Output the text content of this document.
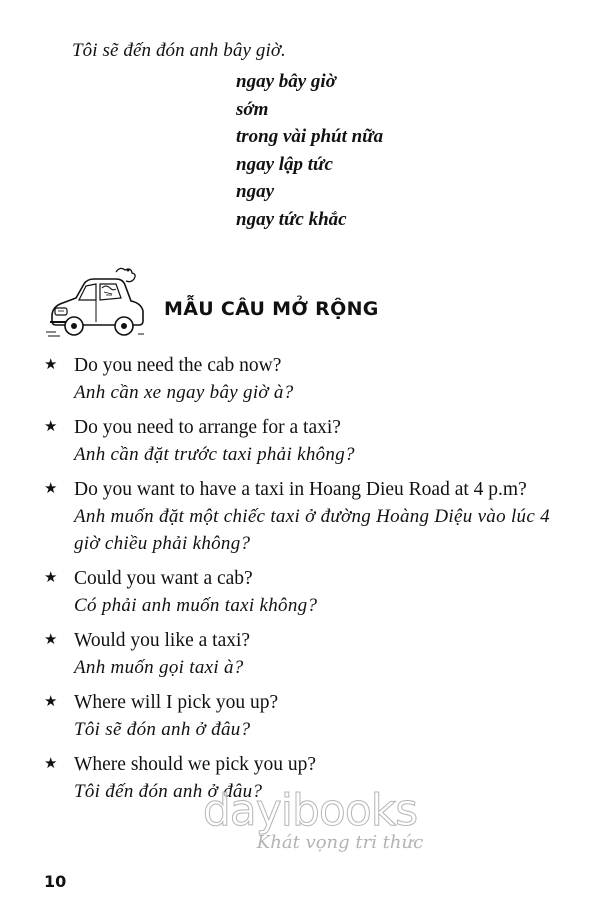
Tôi sẽ đến đón anh bây giờ.
ngay bây giờ
sớm
trong vài phút nữa
ngay lập tức
ngay
ngay tức khắc
MẪU CÂU MỞ RỘNG
★ Do you need the cab now?
Anh cần xe ngay bây giờ à?
★ Do you need to arrange for a taxi?
Anh cần đặt trước taxi phải không?
★ Do you want to have a taxi in Hoang Dieu Road at 4 p.m?
Anh muốn đặt một chiếc taxi ở đường Hoàng Diệu vào lúc 4 giờ chiều phải không?
★ Could you want a cab?
Có phải anh muốn taxi không?
★ Would you like a taxi?
Anh muốn gọi taxi à?
★ Where will I pick you up?
Tôi sẽ đón anh ở đâu?
★ Where should we pick you up?
Tôi đến đón anh ở đâu?
dayibooks
Khát vọng tri thức
10
